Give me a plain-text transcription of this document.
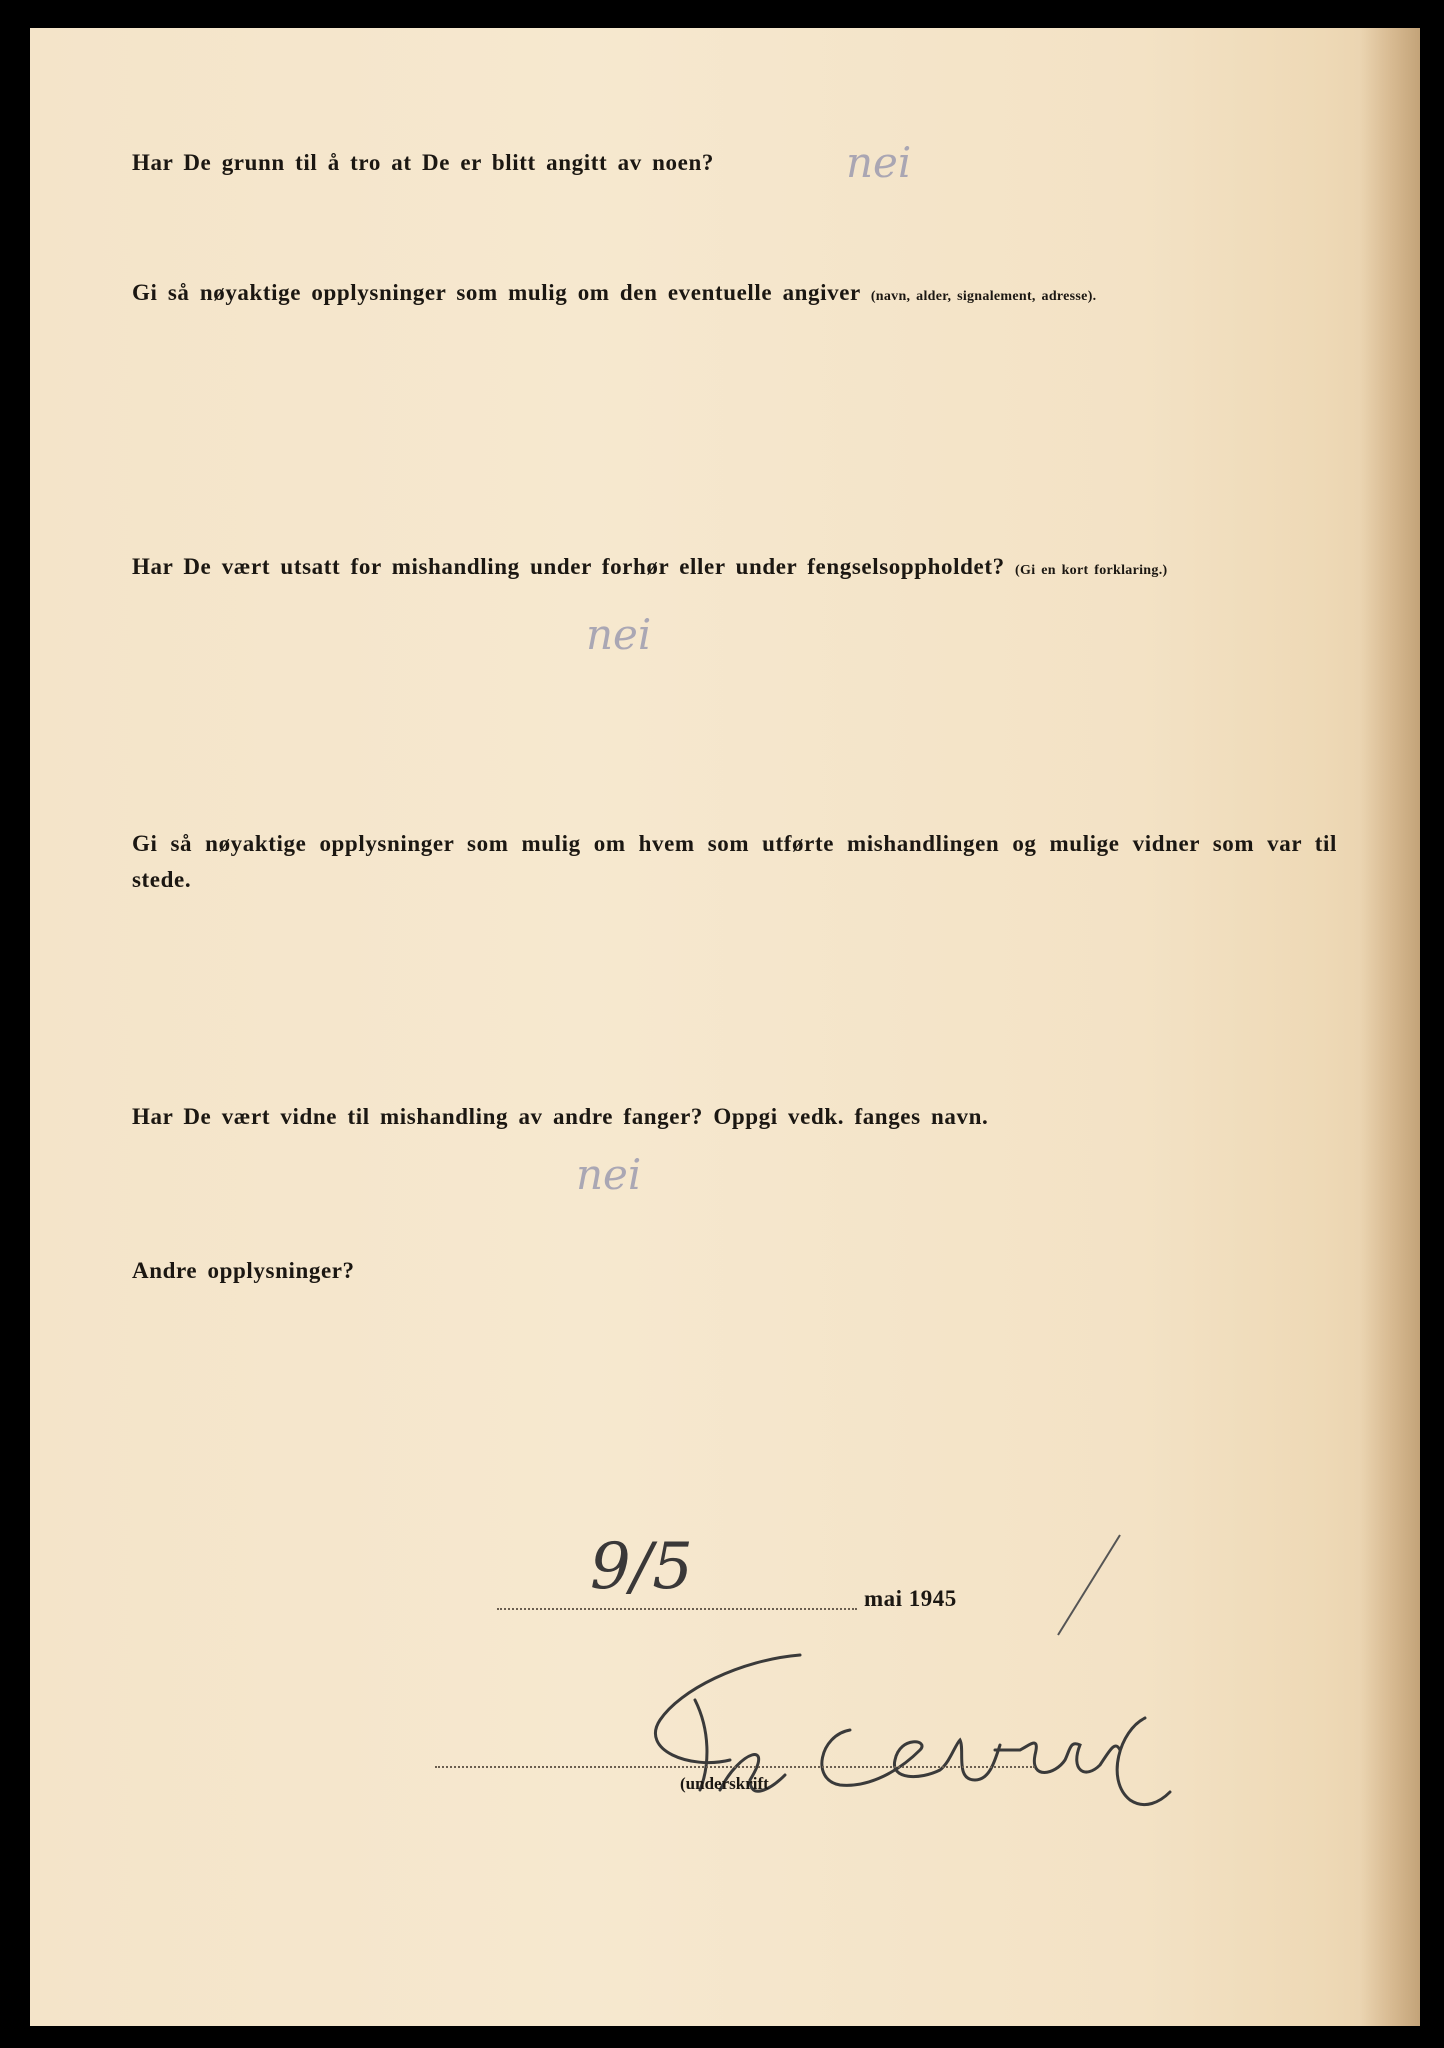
Har De grunn til å tro at De er blitt angitt av noen?	nei

Gi så nøyaktige opplysninger som mulig om den eventuelle angiver (navn, alder, signalement, adresse).

Har De vært utsatt for mishandling under forhør eller under fengselsoppholdet? (Gi en kort forklaring.)

nei

Gi så nøyaktige opplysninger som mulig om hvem som utførte mishandlingen og mulige vidner som var til stede.

Har De vært vidne til mishandling av andre fanger? Oppgi vedk. fanges navn.

nei

Andre opplysninger?

9/5	mai 1945
(underskrift
